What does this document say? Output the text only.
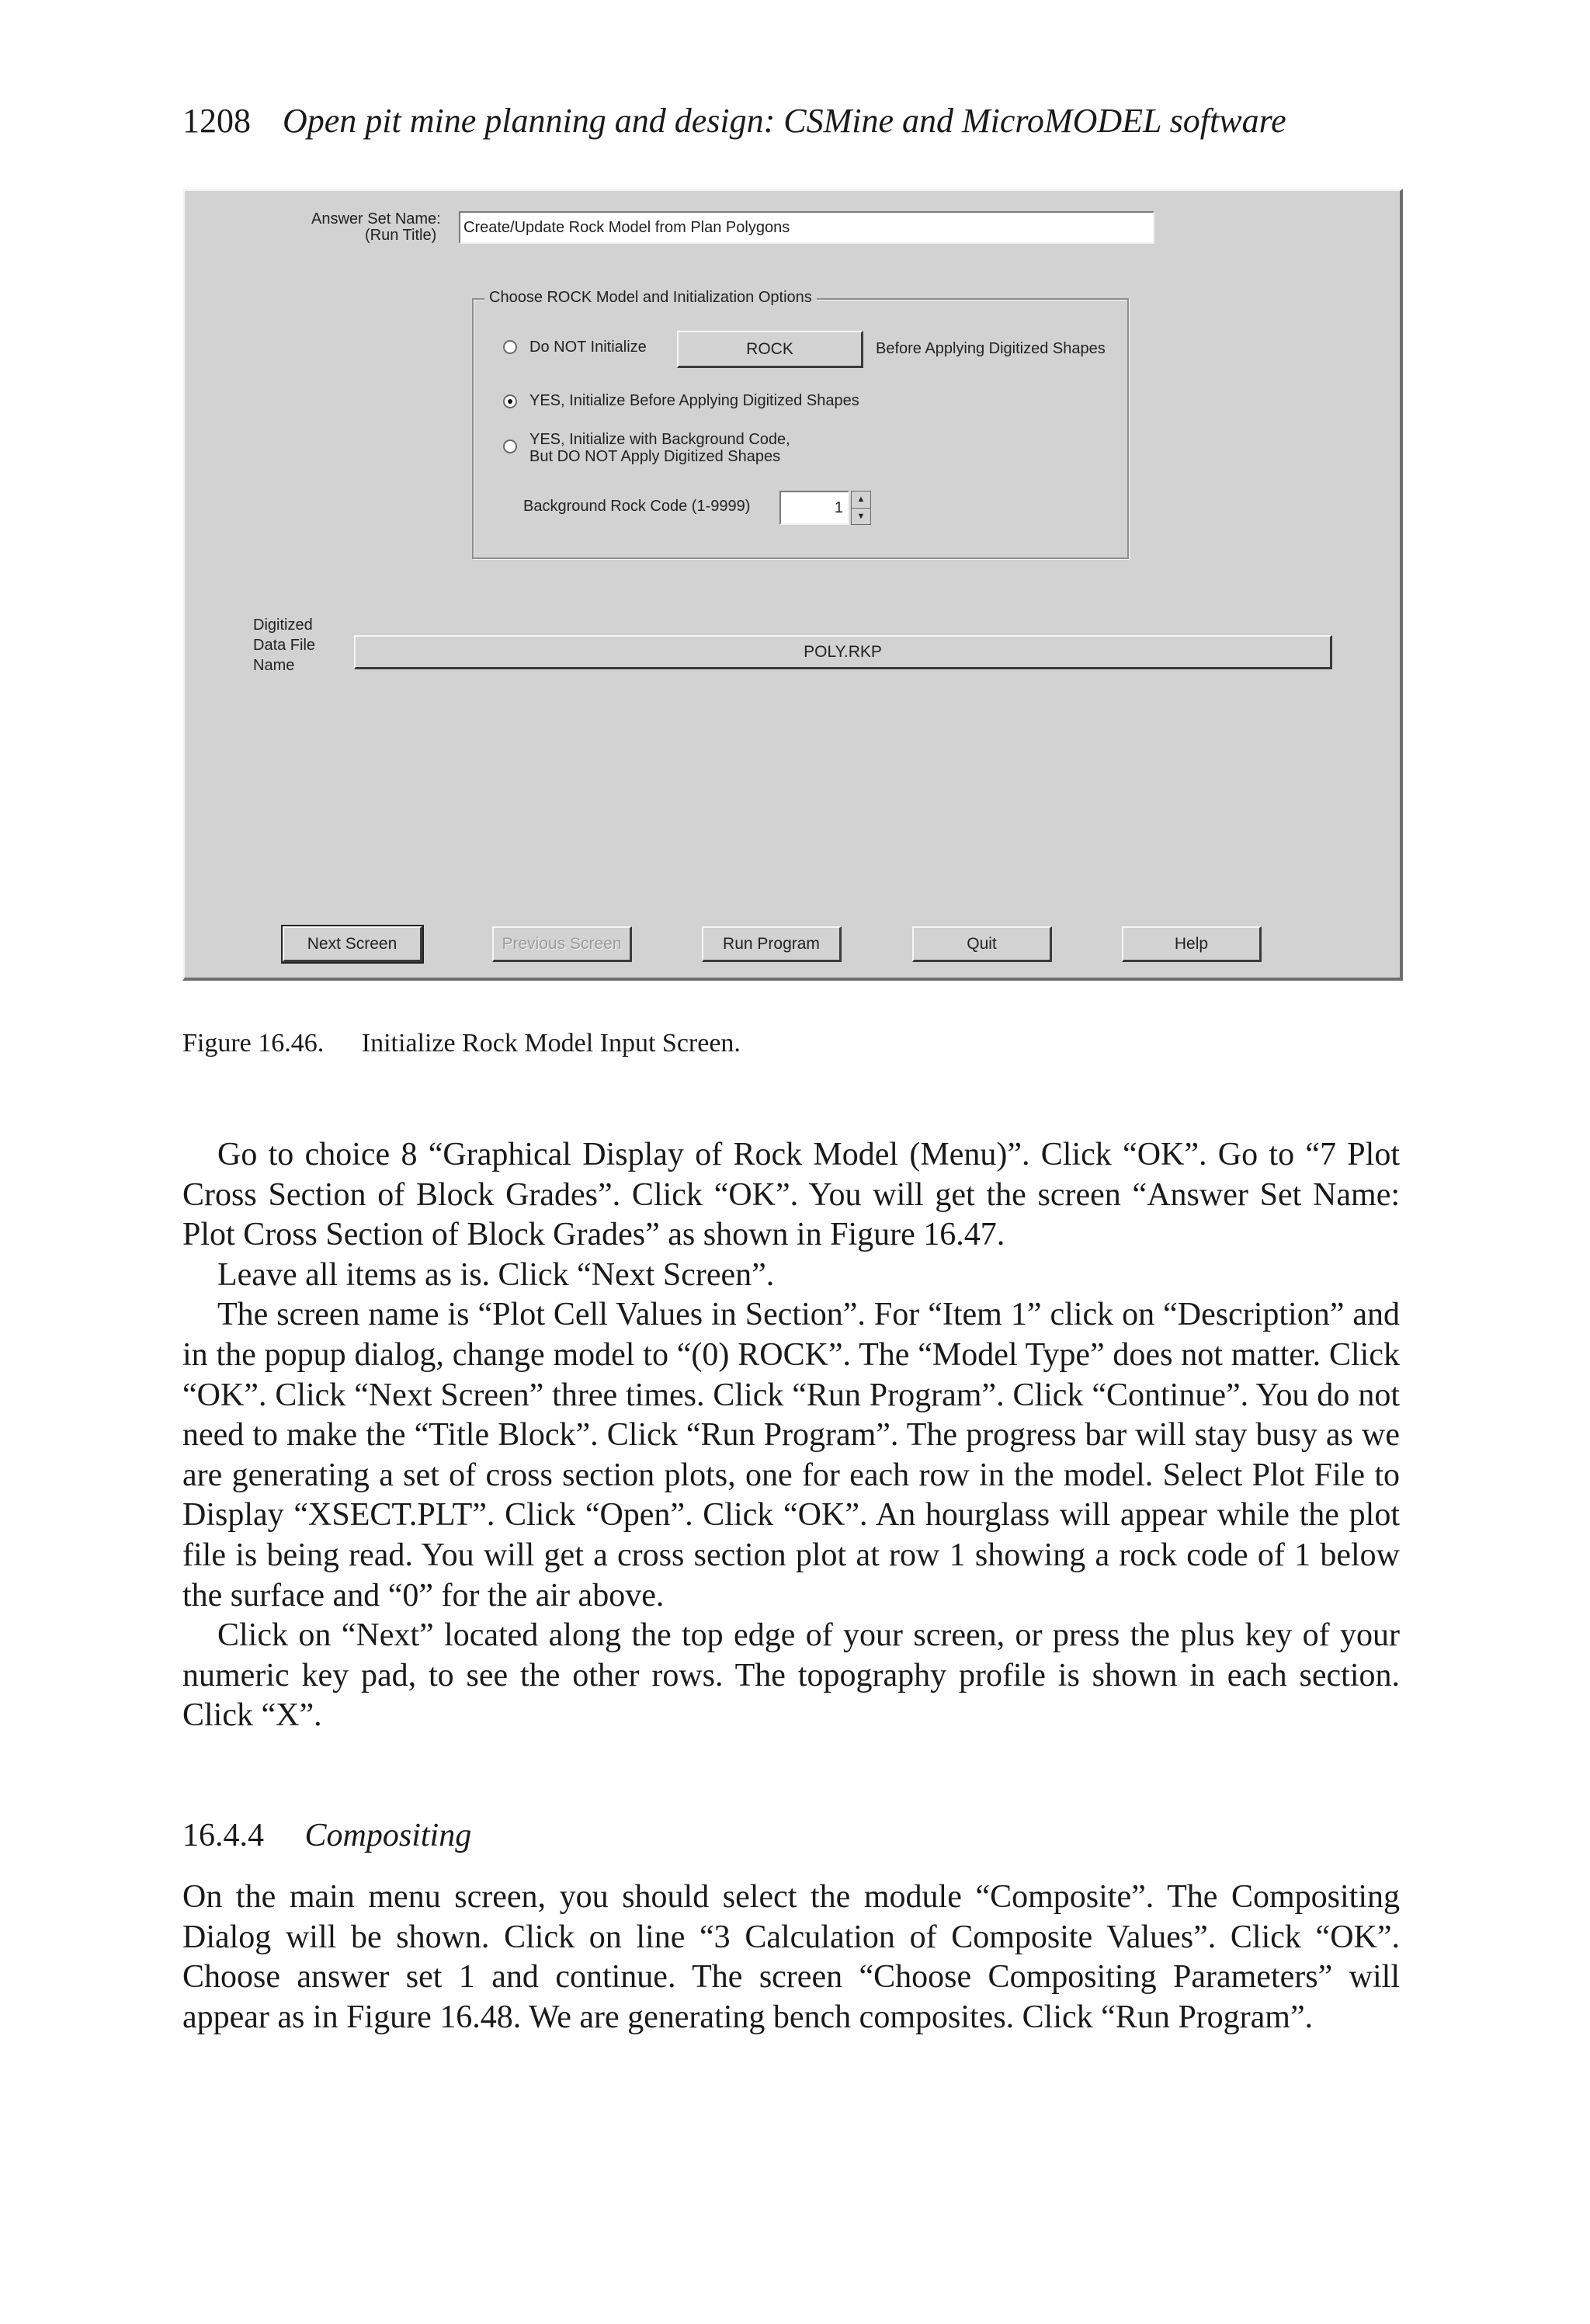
1208 Open pit mine planning and design: CSMine and MicroMODEL software
Answer Set Name:
(Run Title)	Create/Update Rock Model from Plan Polygons
Choose ROCK Model and Initialization Options
Do NOT Initialize	ROCK	Before Applying Digitized Shapes
YES, Initialize Before Applying Digitized Shapes
YES, Initialize with Background Code,
But DO NOT Apply Digitized Shapes
Background Rock Code (1-9999)	1	▲
▼
Digitized
Data File
Name
POLY.RKP
Next Screen	Previous Screen	Run Program	Quit	Help
Figure 16.46. Initialize Rock Model Input Screen.

Go to choice 8 “Graphical Display of Rock Model (Menu)”. Click “OK”. Go to “7 Plot Cross Section of Block Grades”. Click “OK”. You will get the screen “Answer Set Name: Plot Cross Section of Block Grades” as shown in Figure 16.47.

Leave all items as is. Click “Next Screen”.

The screen name is “Plot Cell Values in Section”. For “Item 1” click on “Description” and in the popup dialog, change model to “(0) ROCK”. The “Model Type” does not matter. Click “OK”. Click “Next Screen” three times. Click “Run Program”. Click “Continue”. You do not need to make the “Title Block”. Click “Run Program”. The progress bar will stay busy as we are generating a set of cross section plots, one for each row in the model. Select Plot File to Display “XSECT.PLT”. Click “Open”. Click “OK”. An hourglass will appear while the plot file is being read. You will get a cross section plot at row 1 showing a rock code of 1 below the surface and “0” for the air above.

Click on “Next” located along the top edge of your screen, or press the plus key of your numeric key pad, to see the other rows. The topography profile is shown in each section. Click “X”.

16.4.4 Compositing

On the main menu screen, you should select the module “Composite”. The Compositing Dialog will be shown. Click on line “3 Calculation of Composite Values”. Click “OK”. Choose answer set 1 and continue. The screen “Choose Compositing Parameters” will appear as in Figure 16.48. We are generating bench composites. Click “Run Program”.
